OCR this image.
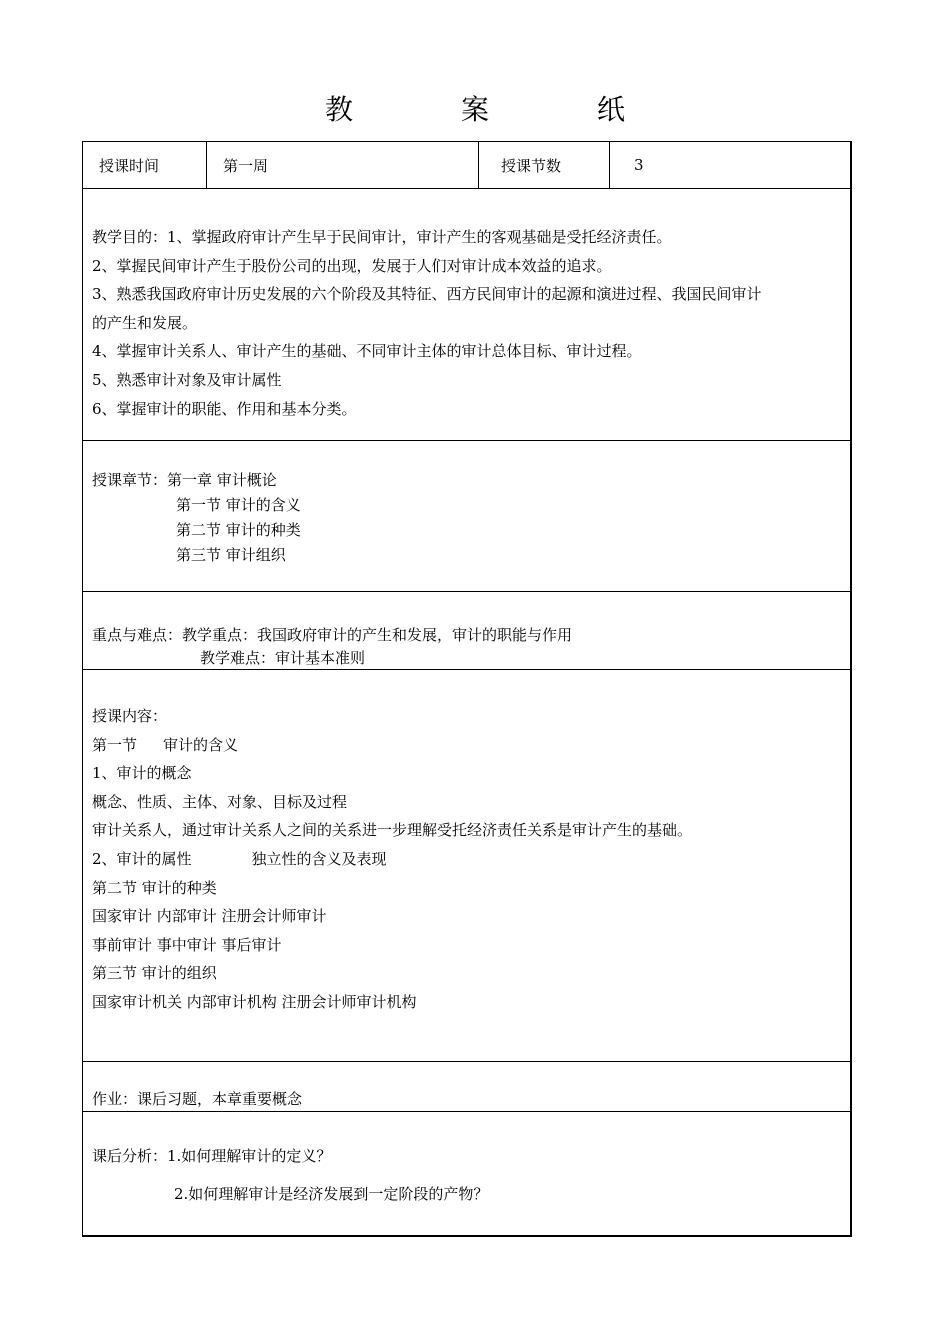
教　案　纸
授课时间	第一周	授课节数	3

教学目的：1、掌握政府审计产生早于民间审计，审计产生的客观基础是受托经济责任。

2、掌握民间审计产生于股份公司的出现，发展于人们对审计成本效益的追求。

3、熟悉我国政府审计历史发展的六个阶段及其特征、西方民间审计的起源和演进过程、我国民间审计

的产生和发展。

4、掌握审计关系人、审计产生的基础、不同审计主体的审计总体目标、审计过程。

5、熟悉审计对象及审计属性

6、掌握审计的职能、作用和基本分类。

授课章节：第一章 审计概论
第一节 审计的含义
第二节 审计的种类
第三节 审计组织
重点与难点：教学重点：我国政府审计的产生和发展，审计的职能与作用
教学难点：审计基本准则
授课内容：
第一节 审计的含义
1、审计的概念
概念、性质、主体、对象、目标及过程
审计关系人，通过审计关系人之间的关系进一步理解受托经济责任关系是审计产生的基础。
2、审计的属性	独立性的含义及表现
第二节 审计的种类
国家审计 内部审计 注册会计师审计
事前审计 事中审计 事后审计
第三节 审计的组织
国家审计机关 内部审计机构 注册会计师审计机构
作业：课后习题，本章重要概念
课后分析：1.如何理解审计的定义？
2.如何理解审计是经济发展到一定阶段的产物？
